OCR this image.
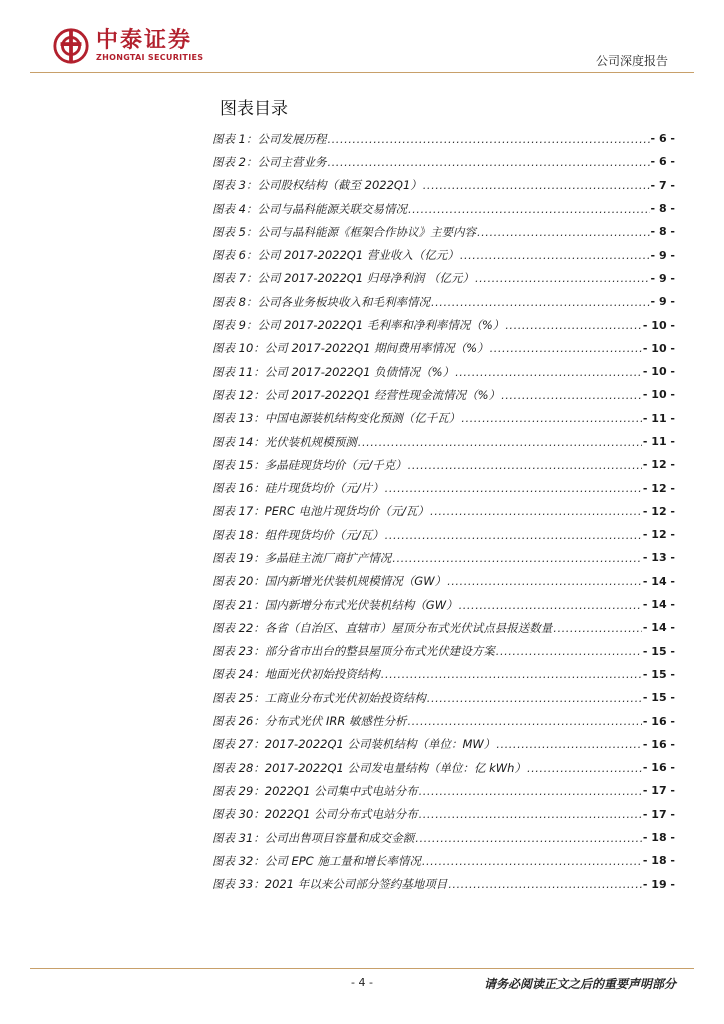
中泰证券
ZHONGTAI SECURITIES	公司深度报告
图表目录
图表 1：公司发展历程 .....	- 6 -
图表 2：公司主营业务 .....	- 6 -
图表 3：公司股权结构（截至 2022Q1） .....	- 7 -
图表 4：公司与晶科能源关联交易情况 .....	- 8 -
图表 5：公司与晶科能源《框架合作协议》主要内容 .....	- 8 -
图表 6：公司 2017-2022Q1 营业收入（亿元） .....	- 9 -
图表 7：公司 2017-2022Q1 归母净利润 （亿元） .....	- 9 -
图表 8：公司各业务板块收入和毛利率情况 .....	- 9 -
图表 9：公司 2017-2022Q1 毛利率和净利率情况（%） .....	- 10 -
图表 10：公司 2017-2022Q1 期间费用率情况（%） .....	- 10 -
图表 11：公司 2017-2022Q1 负债情况（%） .....	- 10 -
图表 12：公司 2017-2022Q1 经营性现金流情况（%） .....	- 10 -
图表 13：中国电源装机结构变化预测（亿千瓦） .....	- 11 -
图表 14：光伏装机规模预测 .....	- 11 -
图表 15：多晶硅现货均价（元/千克） .....	- 12 -
图表 16：硅片现货均价（元/片） .....	- 12 -
图表 17：PERC 电池片现货均价（元/瓦） .....	- 12 -
图表 18：组件现货均价（元/瓦） .....	- 12 -
图表 19：多晶硅主流厂商扩产情况 .....	- 13 -
图表 20：国内新增光伏装机规模情况（GW） .....	- 14 -
图表 21：国内新增分布式光伏装机结构（GW） .....	- 14 -
图表 22：各省（自治区、直辖市）屋顶分布式光伏试点县报送数量 .....	- 14 -
图表 23：部分省市出台的整县屋顶分布式光伏建设方案 .....	- 15 -
图表 24：地面光伏初始投资结构 .....	- 15 -
图表 25：工商业分布式光伏初始投资结构 .....	- 15 -
图表 26：分布式光伏 IRR 敏感性分析 .....	- 16 -
图表 27：2017-2022Q1 公司装机结构（单位：MW） .....	- 16 -
图表 28：2017-2022Q1 公司发电量结构（单位：亿 kWh） .....	- 16 -
图表 29：2022Q1 公司集中式电站分布 .....	- 17 -
图表 30：2022Q1 公司分布式电站分布 .....	- 17 -
图表 31：公司出售项目容量和成交金额 .....	- 18 -
图表 32：公司 EPC 施工量和增长率情况 .....	- 18 -
图表 33：2021 年以来公司部分签约基地项目 .....	- 19 -
- 4 -	请务必阅读正文之后的重要声明部分
